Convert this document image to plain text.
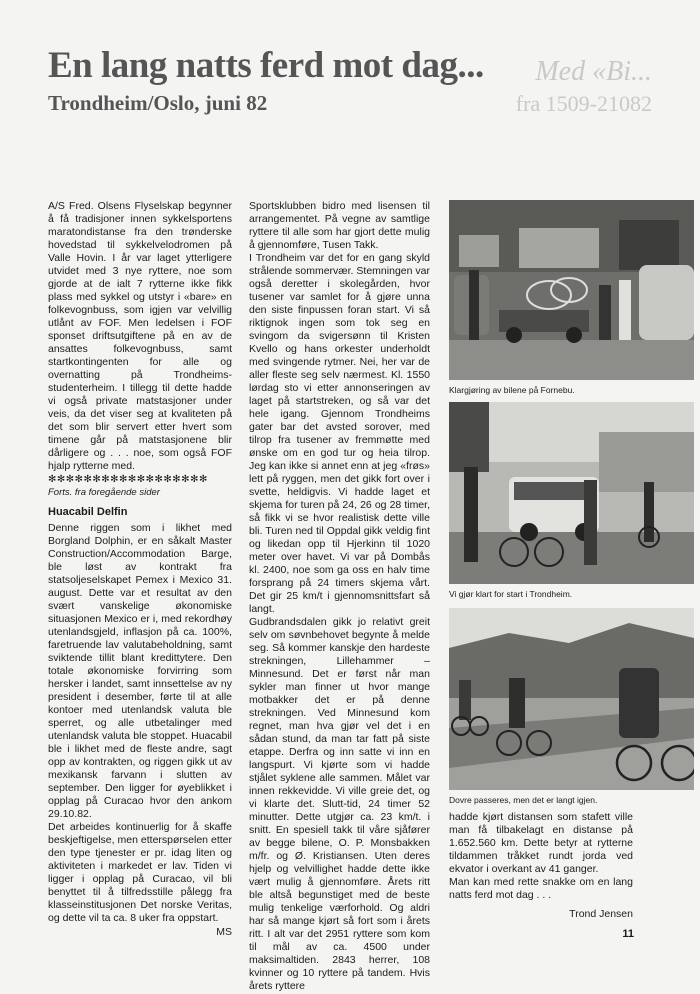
Med «Bi...
fra 1509-21082
En lang natts ferd mot dag...
Trondheim/Oslo, juni 82

A/S Fred. Olsens Flyselskap begynner å få tradisjoner innen sykkelsportens maratondistanse fra den trønderske hovedstad til sykkelvelodromen på Valle Hovin. I år var laget ytterligere utvidet med 3 nye ryttere, noe som gjorde at de ialt 7 rytterne ikke fikk plass med sykkel og utstyr i «bare» en folkevognbuss, som igjen var velvillig utlånt av FOF. Men ledelsen i FOF sponset driftsutgiftene på en av de ansattes folkevognbuss, samt startkontingenten for alle og overnatting på Trondheims-studenterheim. I tillegg til dette hadde vi også private matstasjoner under veis, da det viser seg at kvaliteten på det som blir servert etter hvert som timene går på matstasjonene blir dårligere og . . . noe, som også FOF hjalp rytterne med.

✻✻✻✻✻✻✻✻✻✻✻✻✻✻✻✻✻✻

Forts. fra foregående sider

Huacabil Delfin

Denne riggen som i likhet med Borgland Dolphin, er en såkalt Master Construction/Accommodation Barge, ble løst av kontrakt fra statsoljeselskapet Pemex i Mexico 31. august. Dette var et resultat av den svært vanskelige økonomiske situasjonen Mexico er i, med rekordhøy utenlandsgjeld, inflasjon på ca. 100%, faretruende lav valutabeholdning, samt sviktende tillit blant kredittytere. Den totale økonomiske forvirring som hersker i landet, samt innsettelse av ny president i desember, førte til at alle kontoer med utenlandsk valuta ble sperret, og alle utbetalinger med utenlandsk valuta ble stoppet. Huacabil ble i likhet med de fleste andre, sagt opp av kontrakten, og riggen gikk ut av mexikansk farvann i slutten av september. Den ligger for øyeblikket i opplag på Curacao hvor den ankom 29.10.82.

Det arbeides kontinuerlig for å skaffe beskjeftigelse, men etterspørselen etter den type tjenester er pr. idag liten og aktiviteten i markedet er lav. Tiden vi ligger i opplag på Curacao, vil bli benyttet til å tilfredsstille pålegg fra klasseinstitusjonen Det norske Veritas, og dette vil ta ca. 8 uker fra oppstart.

MS

Sportsklubben bidro med lisensen til arrangementet. På vegne av samtlige ryttere til alle som har gjort dette mulig å gjennomføre, Tusen Takk.

I Trondheim var det for en gang skyld strålende sommervær. Stemningen var også deretter i skolegården, hvor tusener var samlet for å gjøre unna den siste finpussen foran start. Vi så riktignok ingen som tok seg en svingom da svigersønn til Kristen Kvello og hans orkester underholdt med svingende rytmer. Nei, her var de aller fleste seg selv nærmest. Kl. 1550 lørdag sto vi etter annonseringen av laget på startstreken, og så var det hele igang. Gjennom Trondheims gater bar det avsted sorover, med tilrop fra tusener av fremmøtte med ønske om en god tur og heia tilrop. Jeg kan ikke si annet enn at jeg «frøs» lett på ryggen, men det gikk fort over i svette, heldigvis. Vi hadde laget et skjema for turen på 24, 26 og 28 timer, så fikk vi se hvor realistisk dette ville bli. Turen ned til Oppdal gikk veldig fint og likedan opp til Hjerkinn til 1020 meter over havet. Vi var på Dombås kl. 2400, noe som ga oss en halv time forsprang på 24 timers skjema vårt. Det gir 25 km/t i gjennomsnittsfart så langt.

Gudbrandsdalen gikk jo relativt greit selv om søvnbehovet begynte å melde seg. Så kommer kanskje den hardeste strekningen, Lillehammer – Minnesund. Det er først når man sykler man finner ut hvor mange motbakker det er på denne strekningen. Ved Minnesund kom regnet, man hva gjør vel det i en sådan stund, da man tar fatt på siste etappe. Derfra og inn satte vi inn en langspurt. Vi kjørte som vi hadde stjålet syklene alle sammen. Målet var innen rekkevidde. Vi ville greie det, og vi klarte det. Slutt-tid, 24 timer 52 minutter. Dette utgjør ca. 23 km/t. i snitt. En spesiell takk til våre sjåfører av begge bilene, O. P. Monsbakken m/fr. og Ø. Kristiansen. Uten deres hjelp og velvillighet hadde dette ikke vært mulig å gjennomføre. Årets ritt ble altså begunstiget med de beste mulig tenkelige værforhold. Og aldri har så mange kjørt så fort som i årets ritt. I alt var det 2951 ryttere som kom til mål av ca. 4500 under maksimaltiden. 2843 herrer, 108 kvinner og 10 ryttere på tandem. Hvis årets ryttere

Klargjøring av bilene på Fornebu.
Vi gjør klart for start i Trondheim.
Dovre passeres, men det er langt igjen.

hadde kjørt distansen som stafett ville man få tilbakelagt en distanse på 1.652.560 km. Dette betyr at rytterne tildammen tråkket rundt jorda ved ekvator i overkant av 41 ganger.

Man kan med rette snakke om en lang natts ferd mot dag . . .

Trond Jensen

11
